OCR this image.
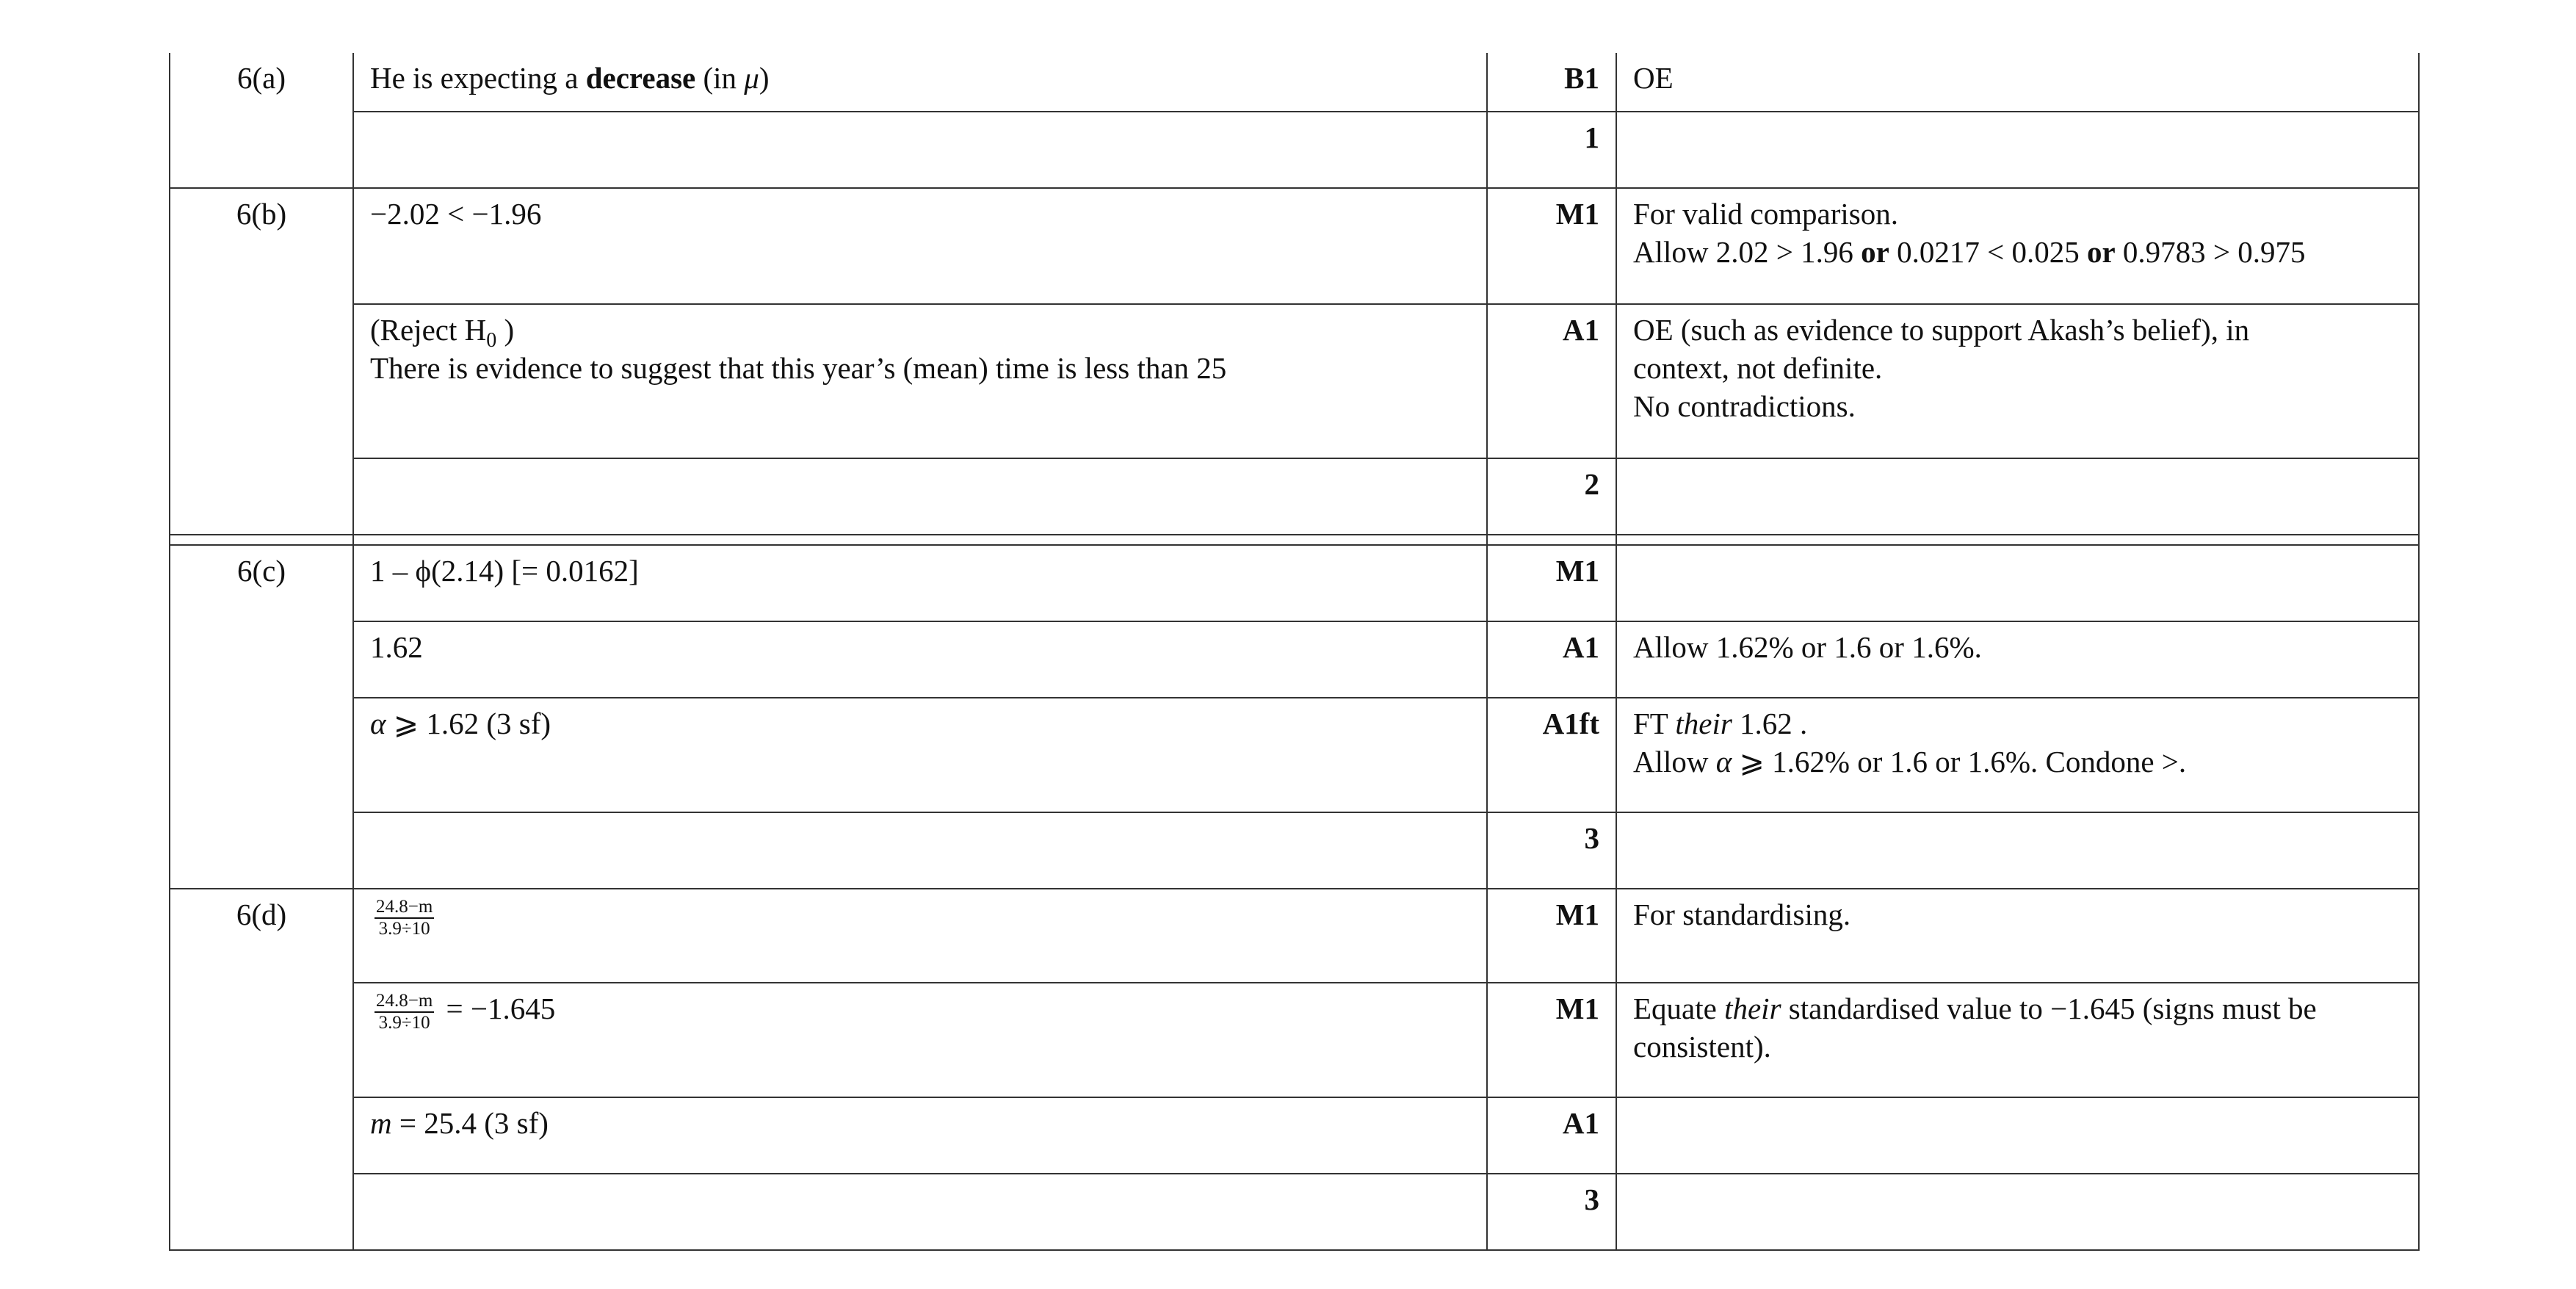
6(a)	He is expecting a decrease (in μ)	B1	OE
		1	
6(b)	−2.02 < −1.96	M1	For valid comparison.
Allow 2.02 > 1.96 or 0.0217 < 0.025 or 0.9783 > 0.975

	(Reject $H_0$ )
There is evidence to suggest that this year’s (mean) time is less than 25	A1	OE (such as evidence to support Akash’s belief), in
context, not definite.
No contradictions.

		2	

6(c)	1 – ϕ(2.14) [= 0.0162]	M1	
	1.62	A1	Allow 1.62% or 1.6 or 1.6%.
	α ⩾ 1.62 (3 sf)	A1ft	FT their 1.62 .
Allow α ⩾ 1.62% or 1.6 or 1.6%. Condone >.

		3	
6(d)	$\frac{24.8-m}{3.9\div 10}$	M1	For standardising.

	$\frac{24.8-m}{3.9\div 10} = -1.645$	M1	Equate their standardised value to −1.645 (signs must be
consistent).

	m = 25.4 (3 sf)	A1	
		3	
